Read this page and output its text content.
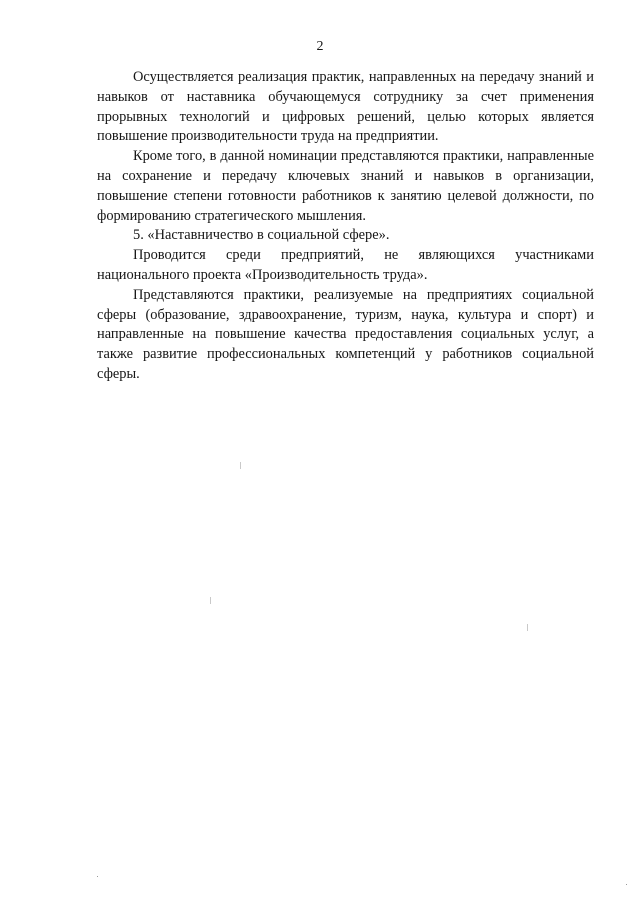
2

Осуществляется реализация практик, направленных на передачу знаний и навыков от наставника обучающемуся сотруднику за счет применения прорывных технологий и цифровых решений, целью которых является повышение производительности труда на предприятии.

Кроме того, в данной номинации представляются практики, направленные на сохранение и передачу ключевых знаний и навыков в организации, повышение степени готовности работников к занятию целевой должности, по формированию стратегического мышления.

5. «Наставничество в социальной сфере».

Проводится среди предприятий, не являющихся участниками национального проекта «Производительность труда».

Представляются практики, реализуемые на предприятиях социальной сферы (образование, здравоохранение, туризм, наука, культура и спорт) и направленные на повышение качества предоставления социальных услуг, а также развитие профессиональных компетенций у работников социальной сферы.
